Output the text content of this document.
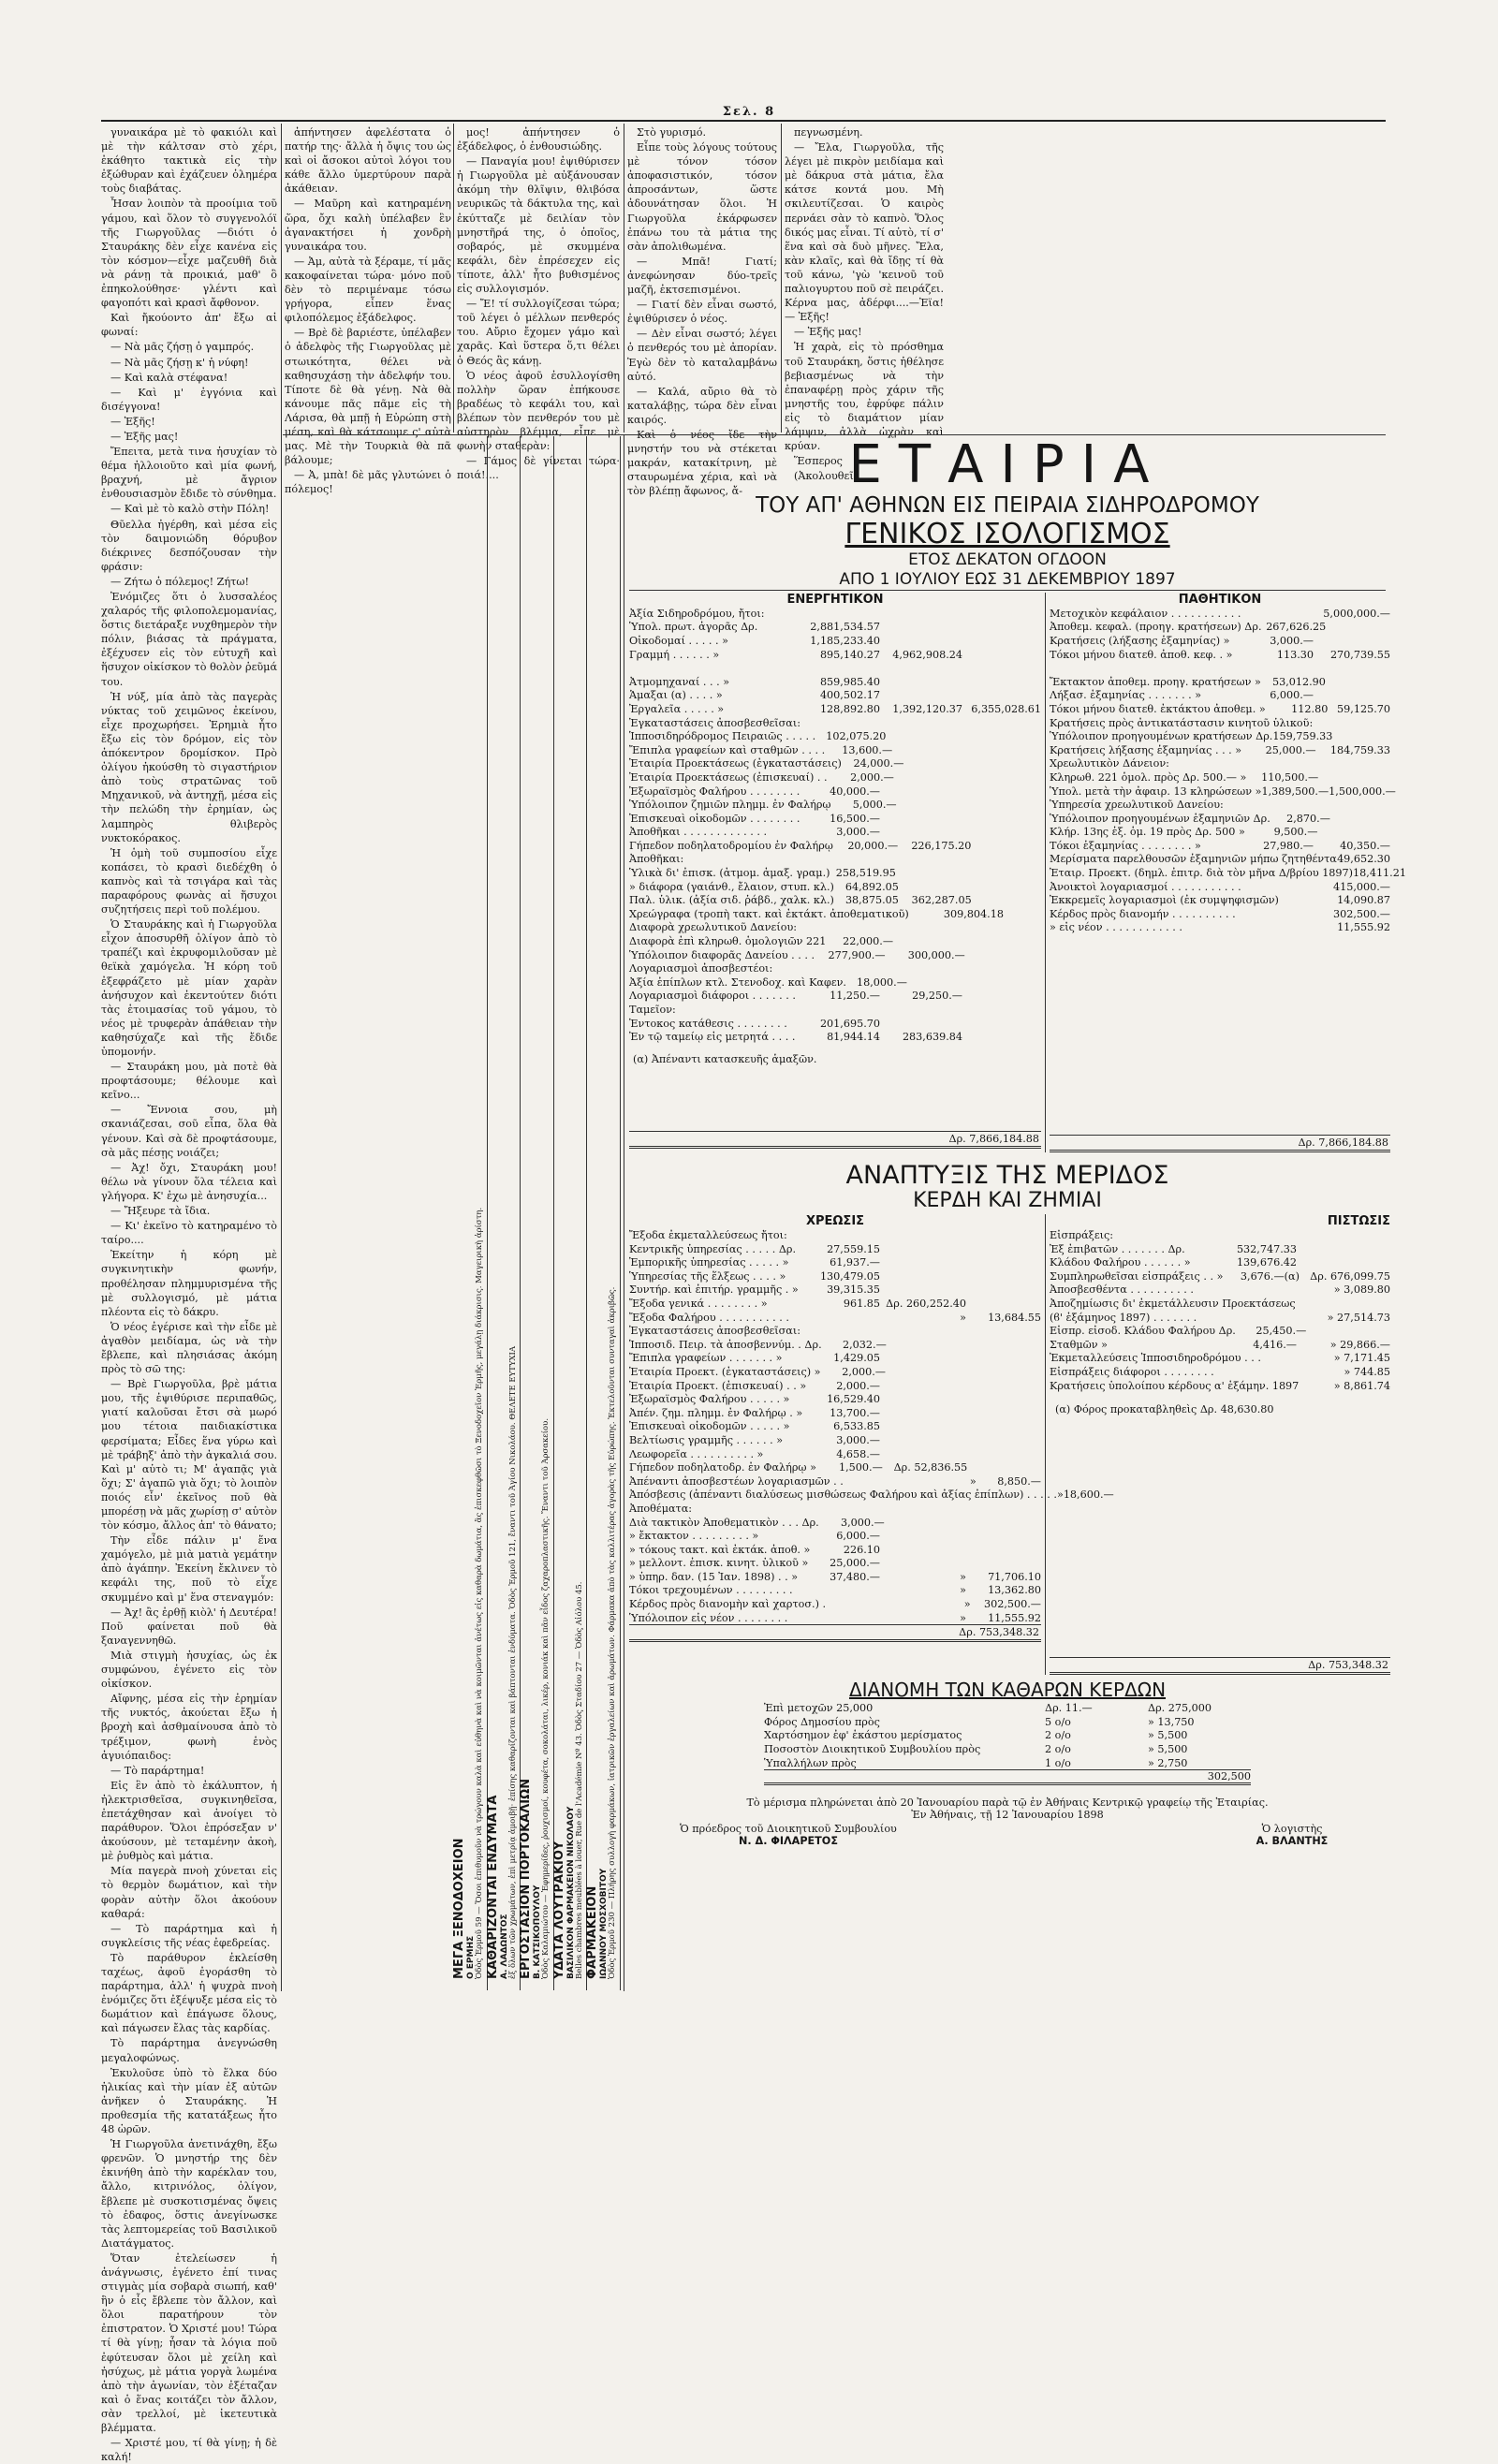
Σελ. 8

γυναικάρα μὲ τὸ φακιόλι καὶ μὲ τὴν κάλτσαν στὸ χέρι, ἐκάθητο τακτικὰ εἰς τὴν ἐξώθυραν καὶ ἐχάζευεν ὁλημέρα τοὺς διαβάτας.

Ἦσαν λοιπὸν τὰ προοίμια τοῦ γάμου, καὶ ὅλον τὸ συγγενολόϊ τῆς Γιωργοῦλας —διότι ὁ Σταυράκης δὲν εἶχε κανένα εἰς τὸν κόσμον—εἶχε μαζευθῆ διὰ νὰ ράνῃ τὰ προικιά, μαθ' ὃ ἐπηκολούθησε· γλέντι καὶ φαγοπότι καὶ κρασὶ ἄφθονον.

Καὶ ἤκούοντο ἀπ' ἔξω αἱ φωναί:

— Νὰ μᾶς ζήσῃ ὁ γαμπρός.

— Νὰ μᾶς ζήσῃ κ' ἡ νύφη!

— Καὶ καλὰ στέφανα!

— Καὶ μ' ἐγγόνια καὶ δισέγγονα!

— Ἑξῆς!

— Ἑξῆς μας!

Ἔπειτα, μετὰ τινα ἡσυχίαν τὸ θέμα ἠλλοιοῦτο καὶ μία φωνή, βραχνή, μὲ ἄγριον ἐνθουσιασμὸν ἔδιδε τὸ σύνθημα.

— Καὶ μὲ τὸ καλὸ στὴν Πόλη!

Θῦελλα ἠγέρθη, καὶ μέσα εἰς τὸν δαιμονιώδη θόρυβον διέκρινες δεσπόζουσαν τὴν φράσιν:

— Ζήτω ὁ πόλεμος! Ζήτω!

Ἐνόμιζες ὅτι ὁ λυσσαλέος χαλαρός τῆς φιλοπολεμομανίας, ὅστις διετάραξε νυχθημερὸν τὴν πόλιν, βιάσας τὰ πράγματα, ἐξέχυσεν εἰς τὸν εὐτυχῆ καὶ ἥσυχον οἰκίσκον τὸ θολὸν ῥεῦμά του.

Ἡ νύξ, μία ἀπὸ τὰς παγερὰς νύκτας τοῦ χειμῶνος ἐκείνου, εἶχε προχωρήσει. Ἐρημιὰ ἦτο ἔξω εἰς τὸν δρόμον, εἰς τὸν ἀπόκεντρον δρομίσκον. Πρὸ ὀλίγου ἠκούσθη τὸ σιγαστήριον ἀπὸ τοὺς στρατῶνας τοῦ Μηχανικοῦ, νὰ ἀντηχῇ, μέσα εἰς τὴν πελώδη τὴν ἐρημίαν, ὡς λαμπηρὸς θλιβερὸς νυκτοκόρακος.

Ἡ ὁμὴ τοῦ συμποσίου εἶχε κοπάσει, τὸ κρασὶ διεδέχθη ὁ καπνὸς καὶ τὰ τσιγάρα καὶ τὰς παραφόρους φωνὰς αἱ ἥσυχοι συζητήσεις περὶ τοῦ πολέμου.

Ὁ Σταυράκης καὶ ἡ Γιωργοῦλα εἶχον ἀποσυρθῆ ὀλίγον ἀπὸ τὸ τραπέζι καὶ ἐκρυφομιλοῦσαν μὲ θεϊκὰ χαμόγελα. Ἡ κόρη τοῦ ἐξεφράζετο μὲ μίαν χαρὰν ἀνήσυχον καὶ ἐκεντούτεν διότι τὰς ἑτοιμασίας τοῦ γάμου, τὸ νέος μὲ τρυφερὰν ἀπάθειαν τὴν καθησύχαζε καὶ τῆς ἔδιδε ὑπομονήν.

— Σταυράκη μου, μὰ ποτὲ θὰ προφτάσουμε; θέλουμε καὶ κεῖνο...

— Ἔννοια σου, μὴ σκανιάζεσαι, σοῦ εἶπα, ὅλα θὰ γένουν. Καὶ σὰ δὲ προφτάσουμε, σὰ μᾶς πέσῃς νοιάζει;

— Ἀχ! ὄχι, Σταυράκη μου! θέλω νὰ γίνουν ὅλα τέλεια καὶ γλήγορα. Κ' ἐχω μὲ ἀνησυχία...

— Ἤξευρε τὰ ἴδια.

— Κι' ἐκεῖνο τὸ κατηραμένο τὸ ταίρο....

Ἐκείτην ἡ κόρη μὲ συγκινητικὴν φωνήν, προθέλησαν πλημμυρισμένα τῆς μὲ συλλογισμό, μὲ μάτια πλέοντα εἰς τὸ δάκρυ.

Ὁ νέος ἐγέρισε καὶ τὴν εἶδε μὲ ἀγαθὸν μειδίαμα, ὡς νὰ τὴν ἔβλεπε, καὶ πλησιάσας ἀκόμη πρὸς τὸ σῶ της:

— Βρὲ Γιωργοῦλα, βρὲ μάτια μου, τῆς ἐψιθύρισε περιπαθῶς, γιατί καλοῦσαι ἔτσι σὰ μωρό μου τέτοια παιδιακίστικα φερσίματα; Εἶδες ἕνα γύρω καὶ μὲ τράβηξ' ἀπὸ τὴν ἀγκαλιά σου. Καὶ μ' αὐτὸ τι; Μ' ἀγαπᾷς γιὰ ὅχι; Σ' ἀγαπῶ γιὰ ὅχι; τὸ λοιπὸν ποιός εἶν' ἐκεῖνος ποῦ θὰ μπορέσῃ νὰ μᾶς χωρίσῃ σ' αὐτὸν τὸν κόσμο, ἄλλος ἀπ' τὸ θάνατο;

Τὴν εἶδε πάλιν μ' ἕνα χαμόγελο, μὲ μιὰ ματιὰ γεμάτην ἀπὸ ἀγάπην. Ἐκείνη ἔκλινεν τὸ κεφάλι της, ποῦ τὸ εἶχε σκυμμένο καὶ μ' ἕνα στεναγμόν:

— Ἀχ! ἂς ἐρθῇ κιὸλ' ἡ Δευτέρα! Ποῦ φαίνεται ποῦ θὰ ξαναγεννηθῶ.

Μιὰ στιγμὴ ἡσυχίας, ὡς ἐκ συμφώνου, ἐγένετο εἰς τὸν οἰκίσκον.

Αἴφνης, μέσα εἰς τὴν ἐρημίαν τῆς νυκτός, ἀκούεται ἔξω ἡ βροχὴ καὶ ἀσθμαίνουσα ἀπὸ τὸ τρέξιμον, φωνὴ ἑνὸς ἀγυιόπαιδος:

— Τὸ παράρτημα!

Εἰς ἓν ἀπὸ τὸ ἐκάλυπτον, ἡ ἠλεκτρισθεῖσα, συγκινηθεῖσα, ἐπετάχθησαν καὶ ἀνοίγει τὸ παράθυρον. Ὅλοι ἐπρόσεξαν ν' ἀκούσουν, μὲ τεταμένην ἀκοὴ, μὲ ῥυθμὸς καὶ μάτια.

Μία παγερὰ πνοὴ χύνεται εἰς τὸ θερμὸν δωμάτιον, καὶ τὴν φορὰν αὐτὴν ὅλοι ἀκούουν καθαρά:

— Τὸ παράρτημα καὶ ἡ συγκλείσις τῆς νέας ἐφεδρείας.

Τὸ παράθυρον ἐκλείσθη ταχέως, ἀφοῦ ἐγοράσθη τὸ παράρτημα, ἀλλ' ἡ ψυχρὰ πνοὴ ἐνόμιζες ὅτι ἐξέψυξε μέσα εἰς τὸ δωμάτιον καὶ ἐπάγωσε ὅλους, καὶ πάγωσεν ἔλας τὰς καρδίας.

Τὸ παράρτημα ἀνεγνώσθη μεγαλοφώνως.

Ἐκυλοῦσε ὑπὸ τὸ ἕλκα δύο ἡλικίας καὶ τὴν μίαν ἐξ αὐτῶν ἀνῆκεν ὁ Σταυράκης. Ἡ προθεσμία τῆς κατατάξεως ἦτο 48 ὡρῶν.

Ἡ Γιωργοῦλα ἀνετινάχθη, ἔξω φρενῶν. Ὁ μνηστήρ της δὲν ἐκινήθη ἀπὸ τὴν καρέκλαν του, ἄλλο, κιτρινόλος, ὀλίγον, ἔβλεπε μὲ συσκοτισμένας ὄψεις τὸ ἐδαφος, ὅστις ἀνεγίνωσκε τὰς λεπτομερείας τοῦ Βασιλικοῦ Διατάγματος.

Ὅταν ἐτελείωσεν ἡ ἀνάγνωσις, ἐγένετο ἐπί τινας στιγμὰς μία σοβαρὰ σιωπή, καθ' ἣν ὁ εἷς ἔβλεπε τὸν ἄλλον, καὶ ὅλοι παρατήρουν τὸν ἐπιστρατον. Ὁ Χριστέ μου! Τώρα τί θὰ γίνῃ; ἦσαν τὰ λόγια ποῦ ἐφύτευσαν ὅλοι μὲ χείλη καὶ ἠσύχως, μὲ μάτια γοργὰ λωμένα ἀπὸ τὴν ἀγωνίαν, τὸν ἐξέταζαν καὶ ὁ ἕνας κοιτάζει τὸν ἄλλον, σὰν τρελλοί, μὲ ἰκετευτικὰ βλέμματα.

— Χριστέ μου, τί θὰ γίνῃ; ἡ δὲ καλή!

ἀπήντησεν ἀφελέστατα ὁ πατήρ της· ἄλλὰ ἡ ὄψις του ὡς καὶ οἱ ἄσοκοι αὐτοὶ λόγοι του κάθε ἄλλο ὑμερτύρουν παρὰ ἀκάθειαν.

— Μαῦρη καὶ κατηραμένη ὥρα, ὄχι καλὴ ὑπέλαβεν ἓν ἀγανακτήσει ἡ χονδρὴ γυναικάρα του.

— Ἀμ, αὐτὰ τὰ ξέραμε, τί μᾶς κακοφαίνεται τώρα· μόνο ποῦ δὲν τὸ περιμέναμε τόσω γρήγορα, εἶπεν ἕνας φιλοπόλεμος ἐξάδελφος.

— Βρὲ δὲ βαριέστε, ὑπέλαβεν ὁ ἀδελφὸς τῆς Γιωργοῦλας μὲ στωικότητα, θέλει νὰ καθησυχάσῃ τὴν ἀδελφήν του. Τίποτε δὲ θὰ γένῃ. Νὰ θὰ κάνουμε πᾶς πᾶμε εἰς τὴ Λάρισα, θὰ μπῇ ἡ Εὐρώπη στὴ μέση, καὶ θὰ κάτσουμε ς' αὐτὰ μας. Μὲ τὴν Τουρκιὰ θὰ πᾶ βάλουμε;

— Ἀ, μπὰ! δὲ μᾶς γλυτώνει ὁ πόλεμος!

μος! ἀπήντησεν ὁ ἐξάδελφος, ὁ ἐνθουσιώδης.

— Παναγία μου! ἐψιθύρισεν ἡ Γιωργοῦλα μὲ αὐξάνουσαν ἀκόμη τὴν θλῖψιν, θλιβόσα νευρικῶς τὰ δάκτυλα της, καὶ ἐκύτταζε μὲ δειλίαν τὸν μνηστῆρά της, ὁ ὁποῖος, σοβαρός, μὲ σκυμμένα κεφάλι, δὲν ἐπρέσεχεν εἰς τίποτε, ἀλλ' ἦτο βυθισμένος εἰς συλλογισμόν.

— Ἔ! τί συλλογίζεσαι τώρα; τοῦ λέγει ὁ μέλλων πενθερός του. Αὔριο ἔχομεν γάμο καὶ χαρᾶς. Καὶ ὕστερα ὅ,τι θέλει ὁ Θεός ἂς κάνῃ.

Ὁ νέος ἀφοῦ ἐσυλλογίσθη πολλὴν ὥραν ἐπήκουσε βραδέως τὸ κεφάλι του, καὶ βλέπων τὸν πενθερόν του μὲ αὐστηρὸν βλέμμα, εἶπε μὲ φωνὴν σταθερὰν:

— Γάμος δὲ γίνεται τώρα· ποιά!....

Στὸ γυρισμό.

Εἶπε τοὺς λόγους τούτους μὲ τόνον τόσον ἀποφασιστικόν, τόσον ἀπροσάντων, ὥστε ἀδουνάτησαν ὅλοι. Ἡ Γιωργοῦλα ἐκάρφωσεν ἐπάνω του τὰ μάτια της σὰν ἀπολιθωμένα.

— Μπᾶ! Γιατί; ἀνεφώνησαν δύο-τρεῖς μαζῆ, ἐκτσεπισμένοι.

— Γιατί δὲν εἶναι σωστό, ἐψιθύρισεν ὁ νέος.

— Δὲν εἶναι σωστό; λέγει ὁ πενθερός του μὲ ἀπορίαν. Ἐγὼ δὲν τὸ καταλαμβάνω αὐτό.

— Καλά, αὔριο θὰ τὸ καταλάβῃς, τώρα δὲν εἶναι καιρός.

Καὶ ὁ νέος ἴδε τὴν μνηστήν του νὰ στέκεται μακράν, κατακίτρινη, μὲ σταυρωμένα χέρια, καὶ νὰ τὸν βλέπῃ ἄφωνος, ἄ-

πεγνωσμένη.

— Ἔλα, Γιωργοῦλα, τῆς λέγει μὲ πικρὸν μειδίαμα καὶ μὲ δάκρυα στὰ μάτια, ἔλα κάτσε κοντά μου. Μὴ σκιλευτίζεσαι. Ὁ καιρὸς περνάει σὰν τὸ καπνὸ. Ὅλος δικός μας εἶναι. Τί αὐτὸ, τί σ' ἕνα καὶ σὰ δυὸ μῆνες. Ἔλα, κὰν κλαῖς, καὶ θὰ ἴδῃς τί θὰ τοῦ κάνω, 'γὼ 'κεινοῦ τοῦ παλιογυρτου ποῦ σὲ πειράζει. Κέρνα μας, ἀδέρφι....—Ἐϊα! — Ἐξῆς!

— Ἐξῆς μας!

Ἡ χαρὰ, εἰς τὸ πρόσθημα τοῦ Σταυράκη, ὅστις ἠθέλησε βεβιασμένως νὰ τὴν ἐπαναφέρῃ πρὸς χάριν τῆς μνηστῆς του, ἐφρύφε πάλιν εἰς τὸ διαμάτιον μίαν λάμψιν, ἀλλὰ ὠχρὰν καὶ κρύαν.

Ἕσπερος

(Ἀκολουθεῖ)

ΜΕΓΑ ΞΕΝΟΔΟΧΕΙΟΝ Ο ΕΡΜΗΣ Ὁδὸς Ἑρμοῦ 59 — Ὅσοι ἐπιθυμοῦν νὰ τρώγουν καλὰ καὶ εὐθηνὰ καὶ νὰ κοιμῶνται ἀνέτως εἰς καθαρὰ δωμάτια, ἂς ἐπισκεφθῶσι τὸ Ξενοδοχεῖον Ἑρμῆς, μεγάλῃ διάκρισις. Μαγειρικὴ ἀρίστη. ΚΑΘΑΡΙΖΟΝΤΑΙ ΕΝΔΥΜΑΤΑ Α. ΛΑΔΩΝΤΟΣ ἐξ ὅλων τῶν χρωμάτων, ἐπὶ μετρίᾳ ἀμοιβῇ· ἐπίσης καθαρίζονται καὶ βάπτονται ἐνδύματα. Ὁδὸς Ἑρμοῦ 121, ἔναντι τοῦ Ἁγίου Νικολάου. ΘΕΛΕΤΕ ΕΥΤΥΧΙΑ ΕΡΓΟΣΤΑΣΙΟΝ ΠΟΡΤΟΚΑΛΙΩΝ Β. ΚΑΤΣΙΚΟΠΟΥΛΟΥ Ὁδὸς Καλαμιώτου — Ἐφημερίδες, ῥουχισμοί, κουφέτα, σοκολάται, λικέρ, κονιάκ καὶ πᾶν εἶδος ζαχαροπλαστικῆς. Ἔναντι τοῦ Ἀρσακείου. ΥΔΑΤΑ ΛΟΥΤΡΑΚΙΟΥ ΒΑΣΙΛΙΚΟΝ ΦΑΡΜΑΚΕΙΟΝ ΝΙΚΟΛΑΟΥ Belles chambres meublées à louer, Rue de l'Académie Nº 43. Ὁδὸς Σταδίου 27 — Ὁδὸς Αἰόλου 45. ΦΑΡΜΑΚΕΙΟΝ ΙΩΑΝΝΟΥ ΜΟΣΧΟΒΙΤΟΥ Ὁδὸς Ἑρμοῦ 230 — Πλήρης συλλογὴ φαρμάκων, ἰατρικῶν ἐργαλείων καὶ ἀρωμάτων. Φάρμακα ἀπὸ τὰς καλλιτέρας ἀγορὰς τῆς Εὐρώπης. Ἐκτελοῦνται συνταγαὶ ἀκριβῶς.
ΕΤΑΙΡΙΑ
ΤΟΥ ΑΠ' ΑΘΗΝΩΝ ΕΙΣ ΠΕΙΡΑΙΑ ΣΙΔΗΡΟΔΡΟΜΟΥ
ΓΕΝΙΚΟΣ ΙΣΟΛΟΓΙΣΜΟΣ
ΕΤΟΣ ΔΕΚΑΤΟΝ ΟΓΔΟΟΝ
ΑΠΟ 1 ΙΟΥΛΙΟΥ ΕΩΣ 31 ΔΕΚΕΜΒΡΙΟΥ 1897
ΕΝΕΡΓΗΤΙΚΟΝ
Ἀξία Σιδηροδρόμου, ἤτοι:
Ὑπολ. πρωτ. ἀγορᾶς Δρ.	2,881,534.57
Οἰκοδομαί . . . . . »	1,185,233.40
Γραμμή . . . . . . »	895,140.27	4,962,908.24
Ἀτμομηχαναί . . . »	859,985.40
Ἁμαξαι (α) . . . . »	400,502.17
Ἐργαλεῖα . . . . . »	128,892.80	1,392,120.37 6,355,028.61
Ἐγκαταστάσεις ἀποσβεσθεῖσαι:
Ἱπποσιδηρόδρομος Πειραιῶς . . . . . 102,075.20
Ἔπιπλα γραφείων καὶ σταθμῶν . . . .	13,600.—
Ἐταιρία Προεκτάσεως (ἐγκαταστάσεις)	24,000.—
Ἐταιρία Προεκτάσεως (ἐπισκευαί) . .	2,000.—
Ἐξωραϊσμὸς Φαλήρου . . . . . . . .	40,000.—
Ὑπόλοιπον ζημιῶν πλημμ. ἐν Φαλήρῳ	5,000.—
Ἐπισκευαὶ οἰκοδομῶν . . . . . . . .	16,500.—
Ἀποθῆκαι . . . . . . . . . . . . .	3,000.—
Γήπεδον ποδηλατοδρομίου ἐν Φαλήρῳ	20,000.—	226,175.20
Ἀποθῆκαι:
Ὑλικὰ δι' ἐπισκ. (ἀτμομ. ἁμαξ. γραμ.) 258,519.95
» διάφορα (γαιάνθ., ἔλαιον, στυπ. κλ.)	64,892.05
Παλ. ὑλικ. (ἀξία σιδ. ῥάβδ., χαλκ. κλ.)	38,875.05	362,287.05
Χρεώγραφα (τροπὴ τακτ. καὶ ἐκτάκτ. ἀποθεματικοῦ)	309,804.18
Διαφορὰ χρεωλυτικοῦ Δανείου:
Διαφορὰ ἐπὶ κληρωθ. ὁμολογιῶν 221	22,000.—
Ὑπόλοιπον διαφορᾶς Δανείου . . . .	277,900.—	300,000.—
Λογαριασμοὶ ἀποσβεστέοι:
Ἀξία ἐπίπλων κτλ. Στενοδοχ. καὶ Καφεν. 18,000.—
Λογαριασμοὶ διάφοροι . . . . . . .	11,250.—	29,250.—
Ταμεῖον:
Ἐντοκος κατάθεσις . . . . . . . .	201,695.70
Ἐν τῷ ταμείῳ εἰς μετρητά . . . .	81,944.14	283,639.84
(α) Ἀπέναντι κατασκευῆς ἁμαξῶν.
Δρ. 7,866,184.88
ΠΑΘΗΤΙΚΟΝ
Μετοχικὸν κεφάλαιον . . . . . . . . . . .	5,000,000.—
Ἀποθεμ. κεφαλ. (προηγ. κρατήσεων) Δρ. 267,626.25
Κρατήσεις (λήξασης ἑξαμηνίας) »	3,000.—
Τόκοι μήνου διατεθ. ἀποθ. κεφ. . »	113.30	270,739.55
Ἔκτακτον ἀποθεμ. προηγ. κρατήσεων »	53,012.90
Λήξασ. ἑξαμηνίας . . . . . . . »	6,000.—
Τόκοι μήνου διατεθ. ἐκτάκτου ἀποθεμ. »	112.80 59,125.70
Κρατήσεις πρὸς ἀντικατάστασιν κινητοῦ ὑλικοῦ:
Ὑπόλοιπον προηγουμένων κρατήσεων Δρ. 159,759.33
Κρατήσεις λήξασης ἑξαμηνίας . . . »	25,000.—	184,759.33
Χρεωλυτικὸν Δάνειον:
Κληρωθ. 221 ὁμολ. πρὸς Δρ. 500.— »	110,500.—
Ὑπολ. μετὰ τὴν ἀφαιρ. 13 κληρώσεων » 1,389,500.— 1,500,000.—
Ὑπηρεσία χρεωλυτικοῦ Δανείου:
Ὑπόλοιπον προηγουμένων ἑξαμηνιῶν Δρ.	2,870.—
Κλήρ. 13ης ἑξ. ὁμ. 19 πρὸς Δρ. 500 »	9,500.—
Τόκοι ἑξαμηνίας . . . . . . . . »	27,980.—	40,350.—
Μερίσματα παρελθουσῶν ἑξαμηνιῶν μήπω ζητηθέντα 49,652.30
Ἐταιρ. Προεκτ. (δημλ. ἐπιτρ. διὰ τὸν μῆνα Δ/βρίου 1897) 18,411.21
Ἀνοικτοὶ λογαριασμοί . . . . . . . . . . .	415,000.—
Ἐκκρεμεῖς λογαριασμοὶ (ἐκ συμψηφισμῶν)	14,090.87
Κέρδος πρὸς διανομήν . . . . . . . . . .	302,500.—
» εἰς νέον . . . . . . . . . . . .	11,555.92
Δρ. 7,866,184.88
ΑΝΑΠΤΥΞΙΣ ΤΗΣ ΜΕΡΙΔΟΣ
ΚΕΡΔΗ ΚΑΙ ΖΗΜΙΑΙ
ΧΡΕΩΣΙΣ
Ἔξοδα ἐκμεταλλεύσεως ἤτοι:
Κεντρικῆς ὑπηρεσίας . . . . . Δρ.	27,559.15
Ἐμπορικῆς ὑπηρεσίας . . . . . »	61,937.—
Ὑπηρεσίας τῆς ἕλξεως . . . . »	130,479.05
Συντήρ. καὶ ἐπιτήρ. γραμμῆς . »	39,315.35
Ἔξοδα γενικά . . . . . . . . »	961.85 Δρ. 260,252.40
Ἔξοδα Φαλήρου . . . . . . . . . . .	»	13,684.55
Ἐγκαταστάσεις ἀποσβεσθεῖσαι:
Ἱπποσιδ. Πειρ. τὰ ἀποσβεννύμ. . Δρ.	2,032.—
Ἔπιπλα γραφείων . . . . . . . »	1,429.05
Ἐταιρία Προεκτ. (ἐγκαταστάσεις) »	2,000.—
Ἐταιρία Προεκτ. (ἐπισκευαί) . . »	2,000.—
Ἐξωραϊσμὸς Φαλήρου . . . . . »	16,529.40
Ἀπέν. ζημ. πλημμ. ἐν Φαλήρῳ . »	13,700.—
Ἐπισκευαὶ οἰκοδομῶν . . . . . »	6,533.85
Βελτίωσις γραμμῆς . . . . . . »	3,000.—
Λεωφορεῖα . . . . . . . . . . »	4,658.—
Γήπεδον ποδηλατοδρ. ἐν Φαλήρῳ »	1,500.—	Δρ. 52,836.55
Ἀπέναντι ἀποσβεστέων λογαριασμῶν . .	»	8,850.—
Ἀπόσβεσις (ἀπέναντι διαλύσεως μισθώσεως Φαλήρου καὶ ἀξίας ἐπίπλων) . . . . . » 18,600.—
Ἀποθέματα:
Διὰ τακτικὸν Ἀποθεματικὸν . . . Δρ.	3,000.—
» ἔκτακτον . . . . . . . . . »	6,000.—
» τόκους τακτ. καὶ ἐκτάκ. ἀποθ. »	226.10
» μελλοντ. ἐπισκ. κινητ. ὑλικοῦ »	25,000.—
» ὑπηρ. δαν. (15 Ἰαν. 1898) . . »	37,480.—	»	71,706.10
Τόκοι τρεχουμένων . . . . . . . . .	»	13,362.80
Κέρδος πρὸς διανομὴν καὶ χαρτοσ.) .	»	302,500.—
Ὑπόλοιπον εἰς νέον . . . . . . . .	»	11,555.92
Δρ. 753,348.32
ΠΙΣΤΩΣΙΣ
Εἰσπράξεις:
Ἐξ ἐπιβατῶν . . . . . . . Δρ.	532,747.33
Κλάδου Φαλήρου . . . . . . »	139,676.42
Συμπληρωθεῖσαι εἰσπράξεις . . »	3,676.—(α)	Δρ. 676,099.75
Ἀποσβεσθέντα . . . . . . . . . .	» 3,089.80
Ἀποζημίωσις δι' ἐκμετάλλευσιν Προεκτάσεως
(ϐ' ἑξάμηνος 1897) . . . . . . .	» 27,514.73
Εἰσπρ. εἰσοδ. Κλάδου Φαλήρου Δρ.	25,450.—
Σταθμῶν »	4,416.—	» 29,866.—
Ἐκμεταλλεύσεις Ἱπποσιδηροδρόμου . . .	» 7,171.45
Εἰσπράξεις διάφοροι . . . . . . . .	» 744.85
Κρατήσεις ὑπολοίπου κέρδους α' ἑξάμην. 1897	» 8,861.74
(α) Φόρος προκαταβληθεὶς Δρ. 48,630.80
Δρ. 753,348.32
ΔΙΑΝΟΜΗ ΤΩΝ ΚΑΘΑΡΩΝ ΚΕΡΔΩΝ
Ἐπὶ μετοχῶν 25,000	Δρ. 11.—	Δρ. 275,000
Φόρος Δημοσίου πρὸς	5 ο/ο	» 13,750
Χαρτόσημον ἐφ' ἑκάστου μερίσματος	2 ο/ο	» 5,500
Ποσοστὸν Διοικητικοῦ Συμβουλίου πρὸς	2 ο/ο	» 5,500
Ὑπαλλήλων πρὸς	1 ο/ο	» 2,750
302,500
Τὸ μέρισμα πληρώνεται ἀπὸ 20 Ἰανουαρίου παρὰ τῷ ἐν Ἀθήναις Κεντρικῷ γραφείῳ τῆς Ἑταιρίας.
Ἐν Ἀθήναις, τῇ 12 Ἰανουαρίου 1898
Ὁ πρόεδρος τοῦ Διοικητικοῦ Συμβουλίου
Ν. Δ. ΦΙΛΑΡΕΤΟΣ
Ὁ λογιστὴς
Α. ΒΛΑΝΤΗΣ
